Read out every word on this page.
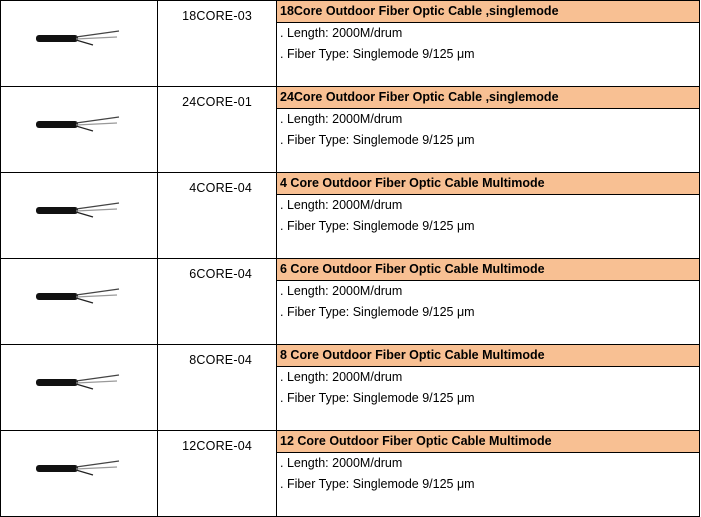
18CORE-03	18Core Outdoor Fiber Optic Cable ,singlemode
. Length: 2000M/drum
. Fiber Type: Singlemode 9/125 μm

24CORE-01	24Core Outdoor Fiber Optic Cable ,singlemode
. Length: 2000M/drum
. Fiber Type: Singlemode 9/125 μm

4CORE-04	4 Core Outdoor Fiber Optic Cable Multimode
. Length: 2000M/drum
. Fiber Type: Singlemode 9/125 μm

6CORE-04	6 Core Outdoor Fiber Optic Cable Multimode
. Length: 2000M/drum
. Fiber Type: Singlemode 9/125 μm

8CORE-04	8 Core Outdoor Fiber Optic Cable Multimode
. Length: 2000M/drum
. Fiber Type: Singlemode 9/125 μm

12CORE-04	12 Core Outdoor Fiber Optic Cable Multimode
. Length: 2000M/drum
. Fiber Type: Singlemode 9/125 μm
